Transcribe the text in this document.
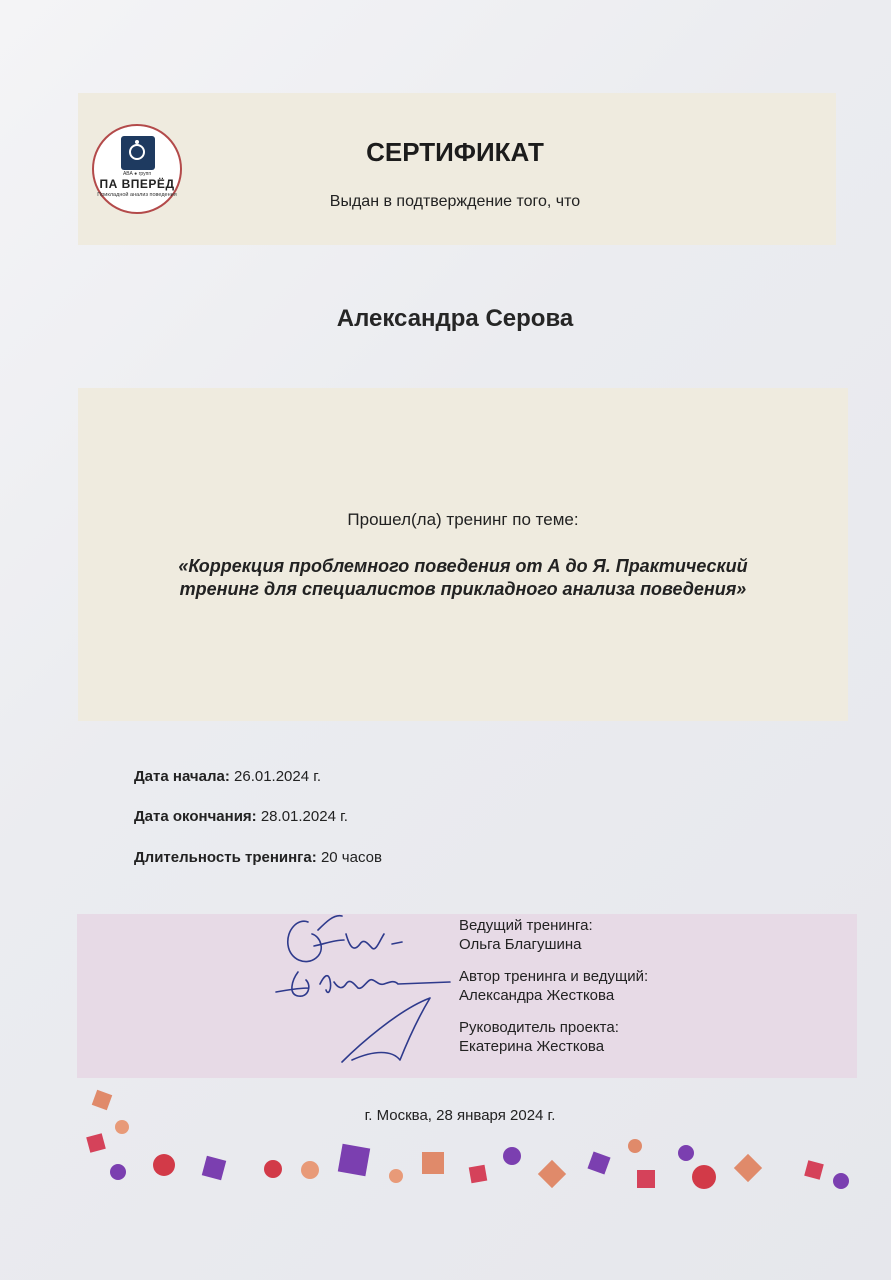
АВА ● групп
ПА ВПЕРЁД
Прикладной анализ поведения
СЕРТИФИКАТ
Выдан в подтверждение того, что
Александра Серова
Прошел(ла) тренинг по теме:
«Коррекция проблемного поведения от А до Я. Практический
тренинг для специалистов прикладного анализа поведения»
Дата начала: 26.01.2024 г.
Дата окончания: 28.01.2024 г.
Длительность тренинга: 20 часов
Ведущий тренинга:
Ольга Благушина
Автор тренинга и ведущий:
Александра Жесткова
Руководитель проекта:
Екатерина Жесткова
г. Москва, 28 января 2024 г.
